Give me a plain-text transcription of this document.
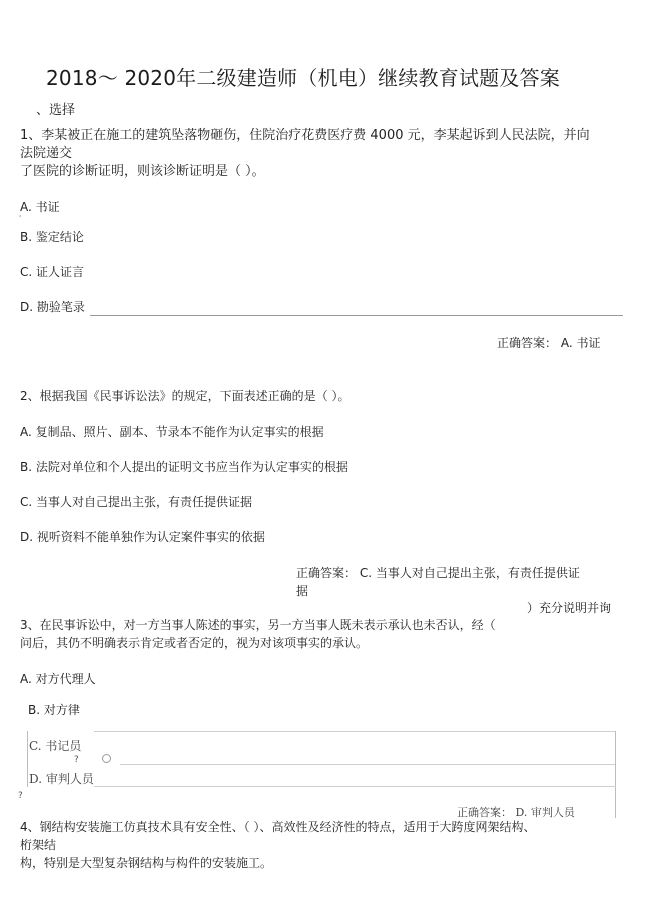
2018～ 2020年二级建造师（机电）继续教育试题及答案
、选择
1、李某被正在施工的建筑坠落物砸伤，住院治疗花费医疗费 4000 元，李某起诉到人民法院，并向
法院递交
了医院的诊断证明，则该诊断证明是（ ）。
A. 书证
'
B. 鉴定结论
C. 证人证言
D. 勘验笔录
正确答案： A. 书证
2、根据我国《民事诉讼法》的规定，下面表述正确的是（ ）。
A. 复制品、照片、副本、节录本不能作为认定事实的根据
B. 法院对单位和个人提出的证明文书应当作为认定事实的根据
C. 当事人对自己提出主张，有责任提供证据
D. 视听资料不能单独作为认定案件事实的依据
正确答案： C. 当事人对自己提出主张，有责任提供证
据
）充分说明并询
3、在民事诉讼中，对一方当事人陈述的事实，另一方当事人既未表示承认也未否认，经（
问后，其仍不明确表示肯定或者否定的，视为对该项事实的承认。
A. 对方代理人
B. 对方律
C. 书记员
?
D. 审判人员
?
正确答案： D. 审判人员
4、钢结构安装施工仿真技术具有安全性、（ ）、高效性及经济性的特点，适用于大跨度网架结构、
桁架结
构，特别是大型复杂钢结构与构件的安装施工。
